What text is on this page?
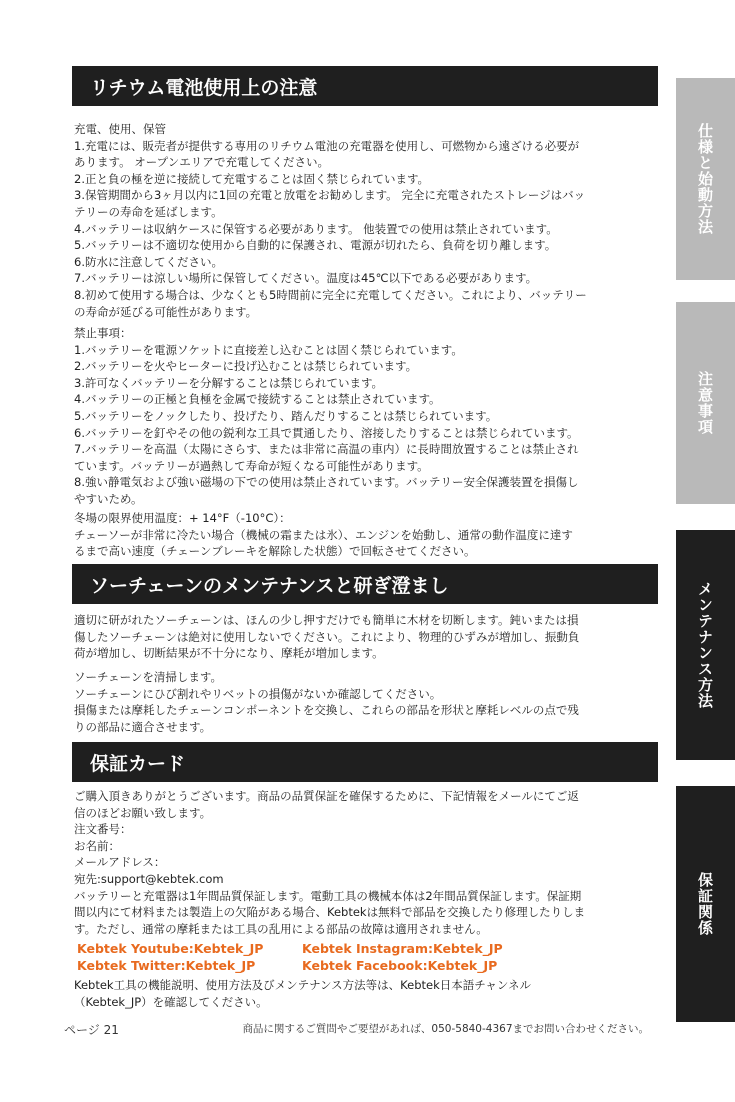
リチウム電池使用上の注意

充電、使用、保管

1.充電には、販売者が提供する専用のリチウム電池の充電器を使用し、可燃物から遠ざける必要が

あります。 オープンエリアで充電してください。

2.正と負の極を逆に接続して充電することは固く禁じられています。

3.保管期間から3ヶ月以内に1回の充電と放電をお勧めします。 完全に充電されたストレージはバッ

テリーの寿命を延ばします。

4.バッテリーは収納ケースに保管する必要があります。 他装置での使用は禁止されています。

5.バッテリーは不適切な使用から自動的に保護され、電源が切れたら、負荷を切り離します。

6.防水に注意してください。

7.バッテリーは涼しい場所に保管してください。温度は45℃以下である必要があります。

8.初めて使用する場合は、少なくとも5時間前に完全に充電してください。これにより、バッテリー

の寿命が延びる可能性があります。

禁止事項：

1.バッテリーを電源ソケットに直接差し込むことは固く禁じられています。

2.バッテリーを火やヒーターに投げ込むことは禁じられています。

3.許可なくバッテリーを分解することは禁じられています。

4.バッテリーの正極と負極を金属で接続することは禁止されています。

5.バッテリーをノックしたり、投げたり、踏んだりすることは禁じられています。

6.バッテリーを釘やその他の鋭利な工具で貫通したり、溶接したりすることは禁じられています。

7.バッテリーを高温（太陽にさらす、または非常に高温の車内）に長時間放置することは禁止され

ています。バッテリーが過熱して寿命が短くなる可能性があります。

8.強い静電気および強い磁場の下での使用は禁止されています。バッテリー安全保護装置を損傷し

やすいため。

冬場の限界使用温度：+ 14°F（-10°C）：

チェーソーが非常に冷たい場合（機械の霜または氷）、エンジンを始動し、通常の動作温度に達す

るまで高い速度（チェーンブレーキを解除した状態）で回転させてください。

ソーチェーンのメンテナンスと研ぎ澄まし

適切に研がれたソーチェーンは、ほんの少し押すだけでも簡単に木材を切断します。鈍いまたは損

傷したソーチェーンは絶対に使用しないでください。これにより、物理的ひずみが増加し、振動負

荷が増加し、切断結果が不十分になり、摩耗が増加します。

ソーチェーンを清掃します。

ソーチェーンにひび割れやリベットの損傷がないか確認してください。

損傷または摩耗したチェーンコンポーネントを交換し、これらの部品を形状と摩耗レベルの点で残

りの部品に適合させます。

保証カード

ご購入頂きありがとうございます。商品の品質保証を確保するために、下記情報をメールにてご返

信のほどお願い致します。

注文番号：

お名前：

メールアドレス：

宛先:support@kebtek.com

バッテリーと充電器は1年間品質保証します。電動工具の機械本体は2年間品質保証します。保証期

間以内にて材料または製造上の欠陥がある場合、Kebtekは無料で部品を交換したり修理したりしま

す。ただし、通常の摩耗または工具の乱用による部品の故障は適用されません。

Kebtek Youtube:Kebtek_JP	Kebtek Instagram:Kebtek_JP
Kebtek Twitter:Kebtek_JP	Kebtek Facebook:Kebtek_JP

Kebtek工具の機能説明、使用方法及びメンテナンス方法等は、Kebtek日本語チャンネル

（Kebtek_JP）を確認してください。

ページ 21	商品に関するご質問やご要望があれば、050-5840-4367までお問い合わせください。
仕様と始動方法
注意事項
メンテナンス方法
保証関係
